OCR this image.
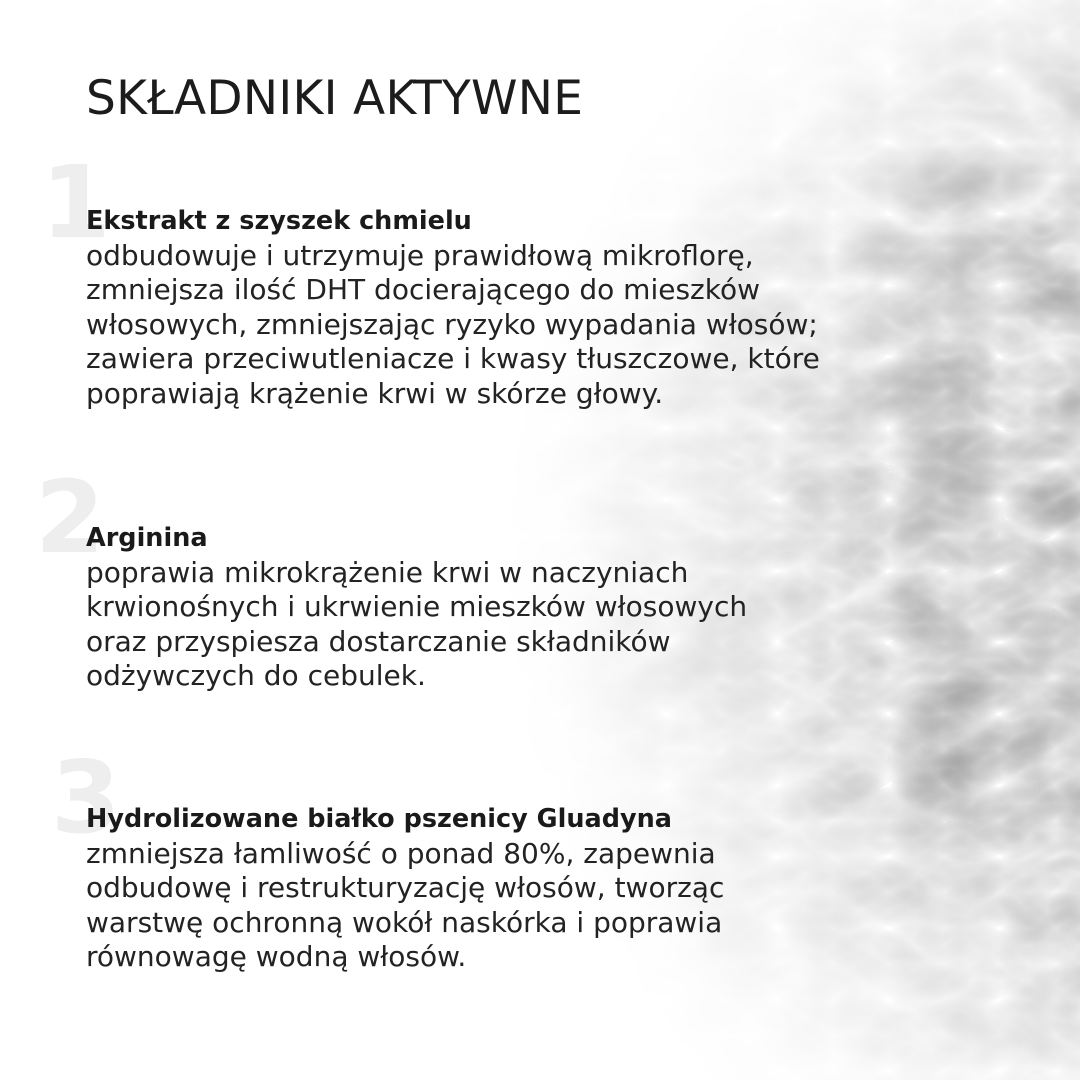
SKŁADNIKI AKTYWNE
1
2
3
Ekstrakt z szyszek chmielu
odbudowuje i utrzymuje prawidłową mikroflorę,
zmniejsza ilość DHT docierającego do mieszków
włosowych, zmniejszając ryzyko wypadania włosów;
zawiera przeciwutleniacze i kwasy tłuszczowe, które
poprawiają krążenie krwi w skórze głowy.
Arginina
poprawia mikrokrążenie krwi w naczyniach
krwionośnych i ukrwienie mieszków włosowych
oraz przyspiesza dostarczanie składników
odżywczych do cebulek.
Hydrolizowane białko pszenicy Gluadyna
zmniejsza łamliwość o ponad 80%, zapewnia
odbudowę i restrukturyzację włosów, tworząc
warstwę ochronną wokół naskórka i poprawia
równowagę wodną włosów.
